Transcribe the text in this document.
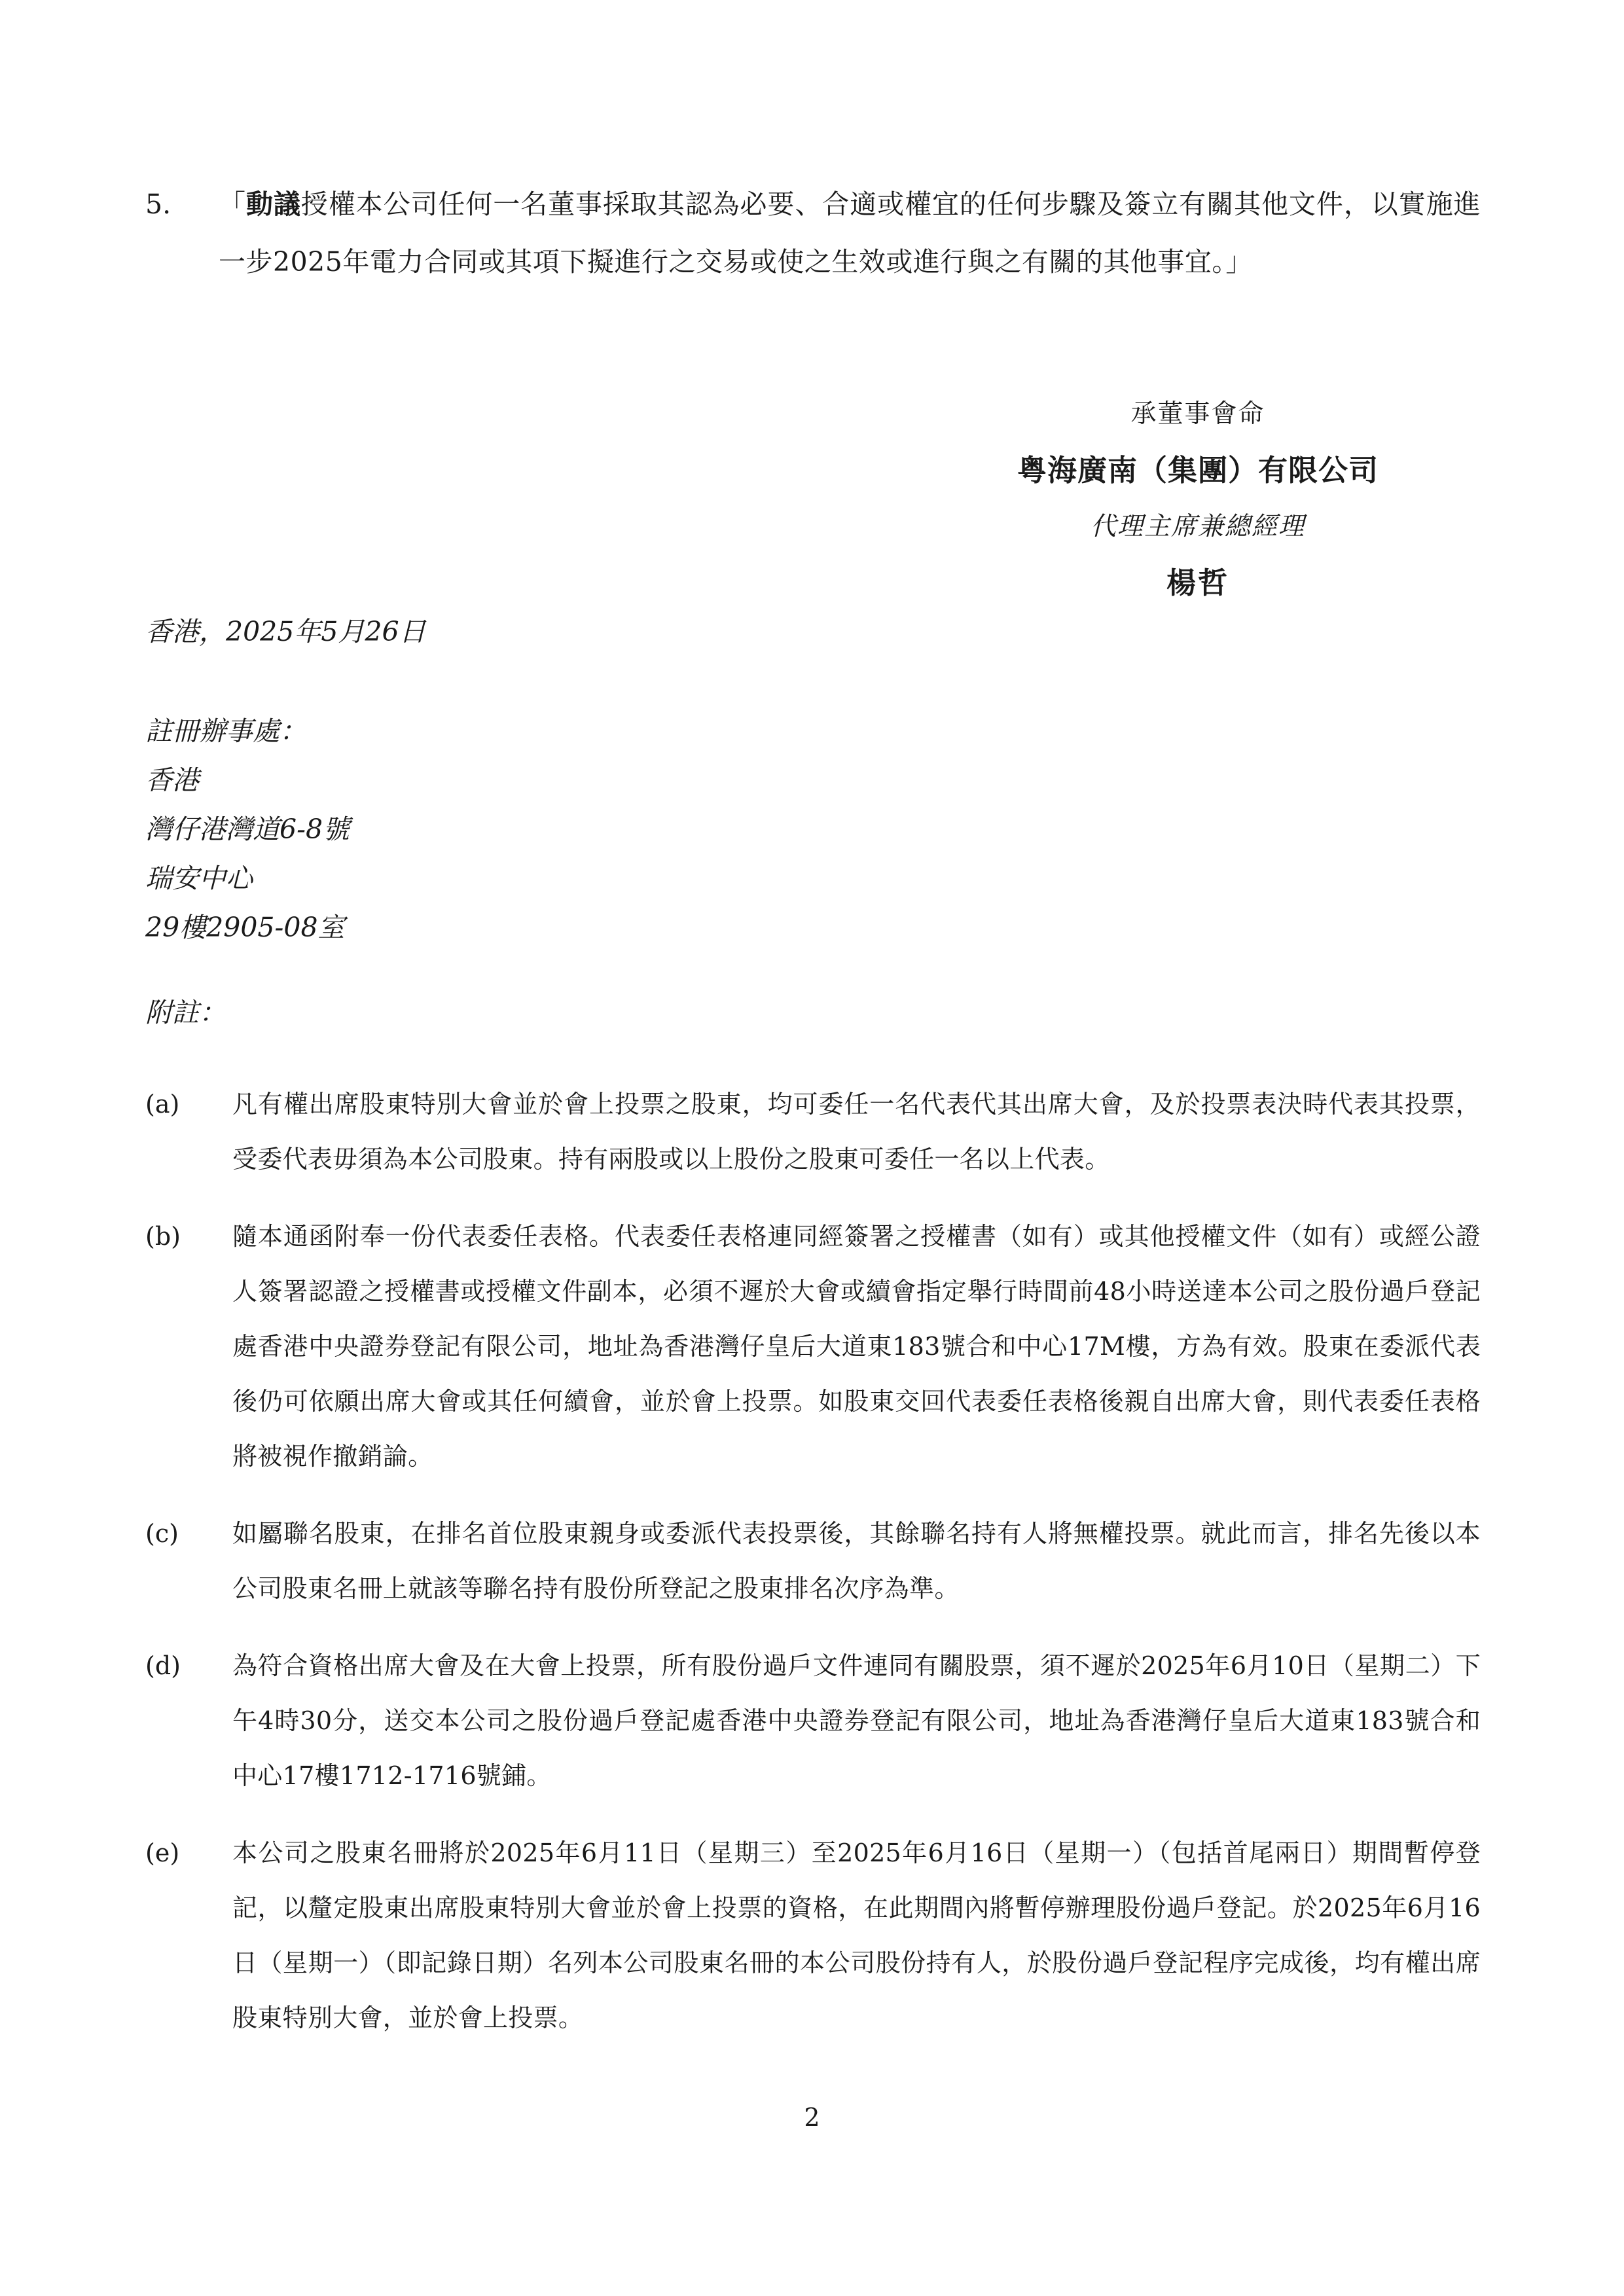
5.	「動議授權本公司任何一名董事採取其認為必要、合適或權宜的任何步驟及簽立有關其他文件，以實施進一步2025年電力合同或其項下擬進行之交易或使之生效或進行與之有關的其他事宜。」
承董事會命
粤海廣南（集團）有限公司
代理主席兼總經理
楊哲
香港，2025年5月26日
註冊辦事處：
香港
灣仔港灣道6-8號
瑞安中心
29樓2905-08室
附註：
(a)	凡有權出席股東特別大會並於會上投票之股東，均可委任一名代表代其出席大會，及於投票表決時代表其投票，受委代表毋須為本公司股東。持有兩股或以上股份之股東可委任一名以上代表。
(b)	隨本通函附奉一份代表委任表格。代表委任表格連同經簽署之授權書（如有）或其他授權文件（如有）或經公證人簽署認證之授權書或授權文件副本，必須不遲於大會或續會指定舉行時間前48小時送達本公司之股份過戶登記處香港中央證券登記有限公司，地址為香港灣仔皇后大道東183號合和中心17M樓，方為有效。股東在委派代表後仍可依願出席大會或其任何續會，並於會上投票。如股東交回代表委任表格後親自出席大會，則代表委任表格將被視作撤銷論。
(c)	如屬聯名股東，在排名首位股東親身或委派代表投票後，其餘聯名持有人將無權投票。就此而言，排名先後以本公司股東名冊上就該等聯名持有股份所登記之股東排名次序為準。
(d)	為符合資格出席大會及在大會上投票，所有股份過戶文件連同有關股票，須不遲於2025年6月10日（星期二）下午4時30分，送交本公司之股份過戶登記處香港中央證券登記有限公司，地址為香港灣仔皇后大道東183號合和中心17樓1712-1716號鋪。
(e)	本公司之股東名冊將於2025年6月11日（星期三）至2025年6月16日（星期一）（包括首尾兩日）期間暫停登記，以釐定股東出席股東特別大會並於會上投票的資格，在此期間內將暫停辦理股份過戶登記。於2025年6月16日（星期一）（即記錄日期）名列本公司股東名冊的本公司股份持有人，於股份過戶登記程序完成後，均有權出席股東特別大會，並於會上投票。
2
